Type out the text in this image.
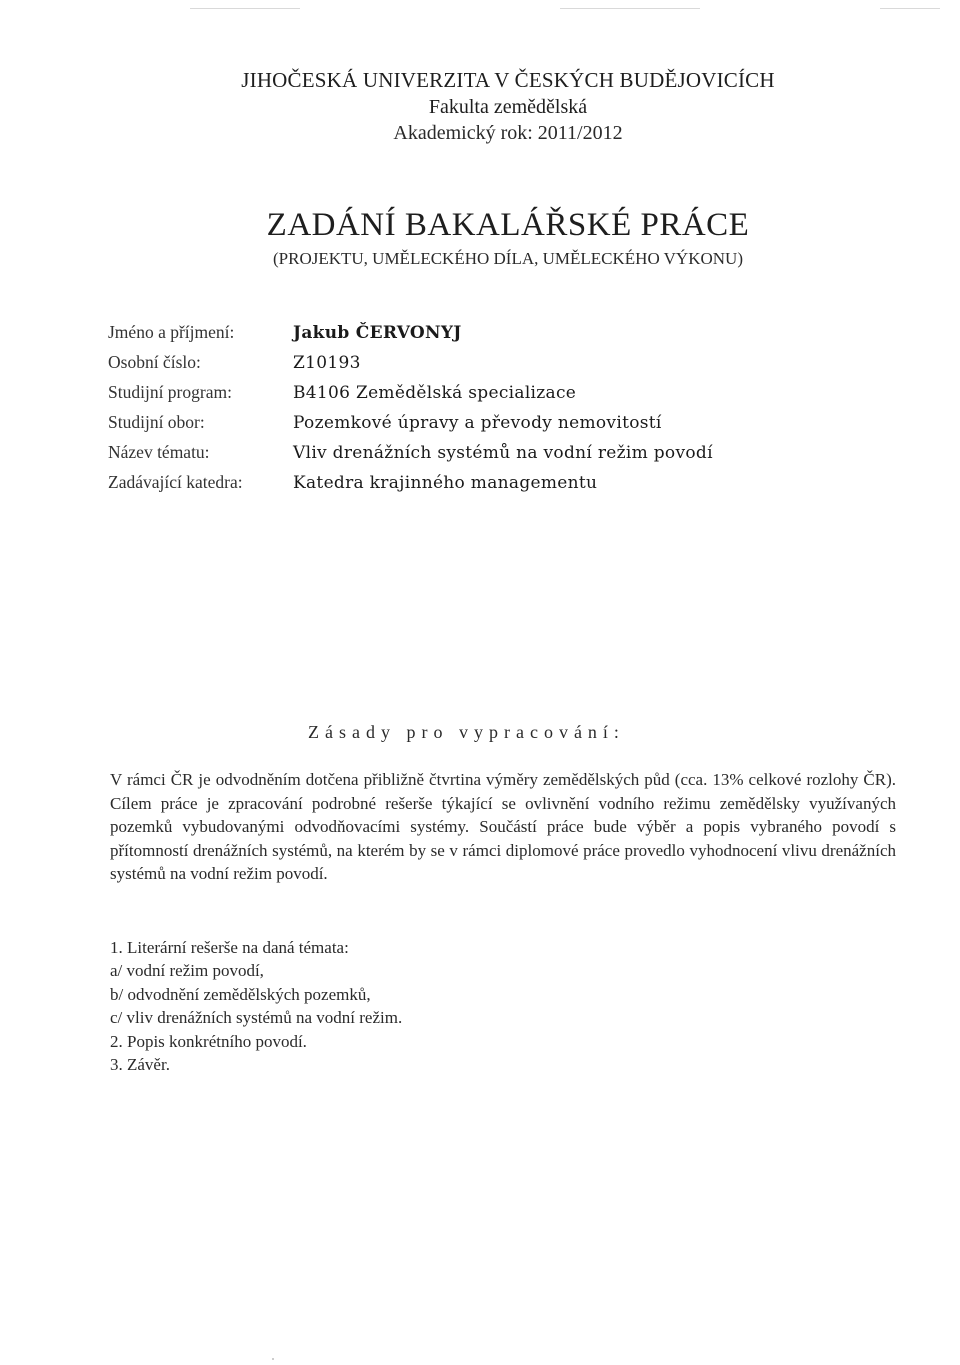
JIHOČESKÁ UNIVERZITA V ČESKÝCH BUDĚJOVICÍCH
Fakulta zemědělská
Akademický rok: 2011/2012
ZADÁNÍ BAKALÁŘSKÉ PRÁCE
(PROJEKTU, UMĚLECKÉHO DÍLA, UMĚLECKÉHO VÝKONU)
Jméno a příjmení:	Jakub ČERVONYJ
Osobní číslo:	Z10193
Studijní program:	B4106 Zemědělská specializace
Studijní obor:	Pozemkové úpravy a převody nemovitostí
Název tématu:	Vliv drenážních systémů na vodní režim povodí
Zadávající katedra:	Katedra krajinného managementu
Zásady pro vypracování:
V rámci ČR je odvodněním dotčena přibližně čtvrtina výměry zemědělských půd (cca. 13% celkové rozlohy ČR). Cílem práce je zpracování podrobné rešerše týkající se ovlivnění vodního režimu zemědělsky využívaných pozemků vybudovanými odvodňovacími systémy. Součástí práce bude výběr a popis vybraného povodí s přítomností drenážních systémů, na kterém by se v rámci diplomové práce provedlo vyhodnocení vlivu drenážních systémů na vodní režim povodí.
1. Literární rešerše na daná témata:
a/ vodní režim povodí,
b/ odvodnění zemědělských pozemků,
c/ vliv drenážních systémů na vodní režim.
2. Popis konkrétního povodí.
3. Závěr.
